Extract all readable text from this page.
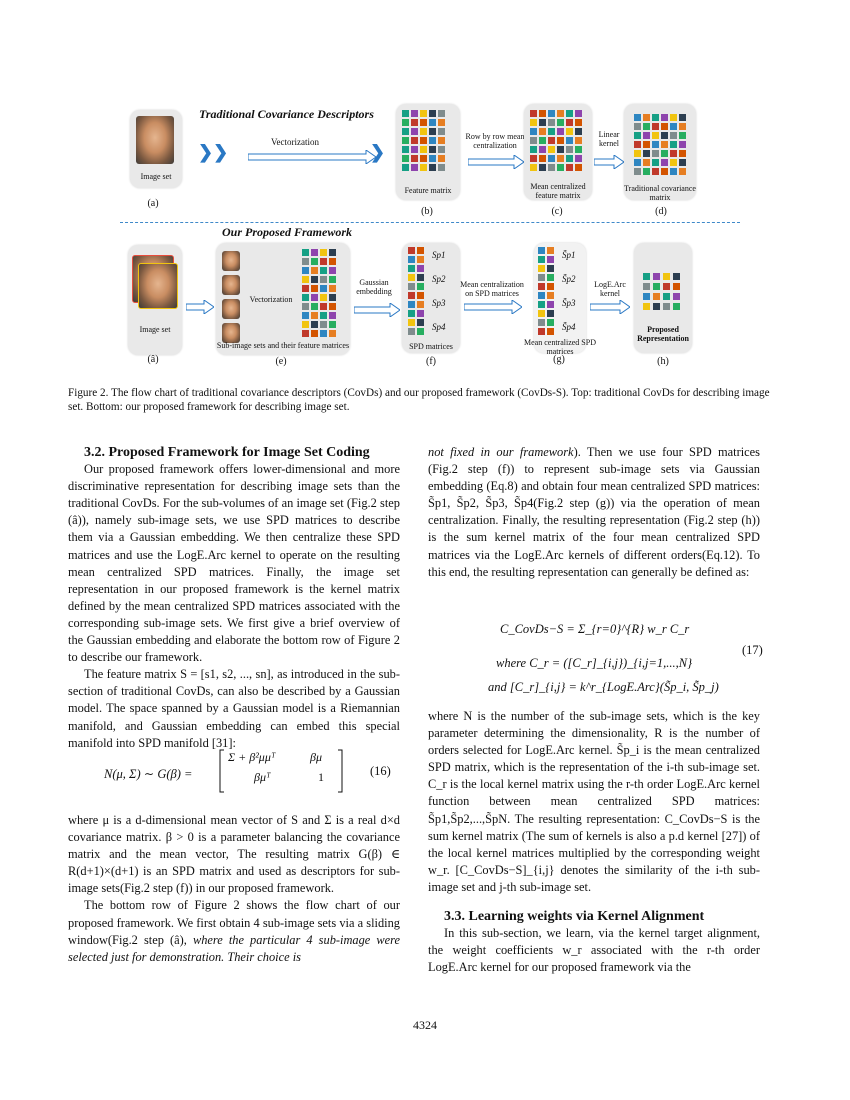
Traditional Covariance Descriptors
Image set
❯❯	Vectorization	❯
Feature matrix
Row by row mean centralization
Mean centralized feature matrix
Linear kernel
Traditional covariance matrix
(a)
(b)	(c)	(d)
Our Proposed Framework
Image set
Vectorization
Sub-image sets and their feature matrices
Gaussian embedding
Sp1
Sp2
Sp3
Sp4
SPD matrices
Mean centralization on SPD matrices
S̃p1
S̃p2
S̃p3
S̃p4
Mean centralized SPD matrices
LogE.Arc kernel
Proposed Representation
(â)	(e)	(f)	(g)	(h)
Figure 2. The flow chart of traditional covariance descriptors (CovDs) and our proposed framework (CovDs-S). Top: traditional CovDs for describing image set. Bottom: our proposed framework for describing image set.

3.2. Proposed Framework for Image Set Coding

Our proposed framework offers lower-dimensional and more discriminative representation for describing image sets than the traditional CovDs. For the sub-volumes of an image set (Fig.2 step (â)), namely sub-image sets, we use SPD matrices to describe them via a Gaussian embedding. We then centralize these SPD matrices and use the LogE.Arc kernel to operate on the resulting mean centralized SPD matrices. Finally, the image set representation in our proposed framework is the kernel matrix defined by the mean centralized SPD matrices associated with the corresponding sub-image sets. We first give a brief overview of the Gaussian embedding and elaborate the bottom row of Figure 2 to describe our framework.

The feature matrix S = [s1, s2, ..., sn], as introduced in the sub-section of traditional CovDs, can also be described by a Gaussian model. The space spanned by a Gaussian model is a Riemannian manifold, and Gaussian embedding can embed this special manifold into SPD manifold [31]:

N(μ, Σ) ∼ G(β) =
Σ + β²μμᵀ	βμ
βμᵀ	1	(16)

where μ is a d-dimensional mean vector of S and Σ is a real d×d covariance matrix. β > 0 is a parameter balancing the covariance matrix and the mean vector, The resulting matrix G(β) ∈ R(d+1)×(d+1) is an SPD matrix and used as descriptors for sub-image sets(Fig.2 step (f)) in our proposed framework.

The bottom row of Figure 2 shows the flow chart of our proposed framework. We first obtain 4 sub-image sets via a sliding window(Fig.2 step (â), where the particular 4 sub-image were selected just for demonstration. Their choice is

not fixed in our framework). Then we use four SPD matrices (Fig.2 step (f)) to represent sub-image sets via Gaussian embedding (Eq.8) and obtain four mean centralized SPD matrices: S̃p1, S̃p2, S̃p3, S̃p4(Fig.2 step (g)) via the operation of mean centralization. Finally, the resulting representation (Fig.2 step (h)) is the sum kernel matrix of the four mean centralized SPD matrices via the LogE.Arc kernels of different orders(Eq.12). To this end, the resulting representation can generally be defined as:

C_CovDs−S = Σ_{r=0}^{R} w_r C_r
where C_r = ([C_r]_{i,j})_{i,j=1,...,N}
and [C_r]_{i,j} = k^r_{LogE.Arc}(S̃p_i, S̃p_j)
(17)

where N is the number of the sub-image sets, which is the key parameter determining the dimensionality, R is the number of orders selected for LogE.Arc kernel. S̃p_i is the mean centralized SPD matrix, which is the representation of the i-th sub-image set. C_r is the local kernel matrix using the r-th order LogE.Arc kernel function between mean centralized SPD matrices: S̃p1,S̃p2,...,S̃pN. The resulting representation: C_CovDs−S is the sum kernel matrix (The sum of kernels is also a p.d kernel [27]) of the local kernel matrices multiplied by the corresponding weight w_r. [C_CovDs−S]_{i,j} denotes the similarity of the i-th sub-image set and j-th sub-image set.

3.3. Learning weights via Kernel Alignment

In this sub-section, we learn, via the kernel target alignment, the weight coefficients w_r associated with the r-th order LogE.Arc kernel for our proposed framework via the

4324
